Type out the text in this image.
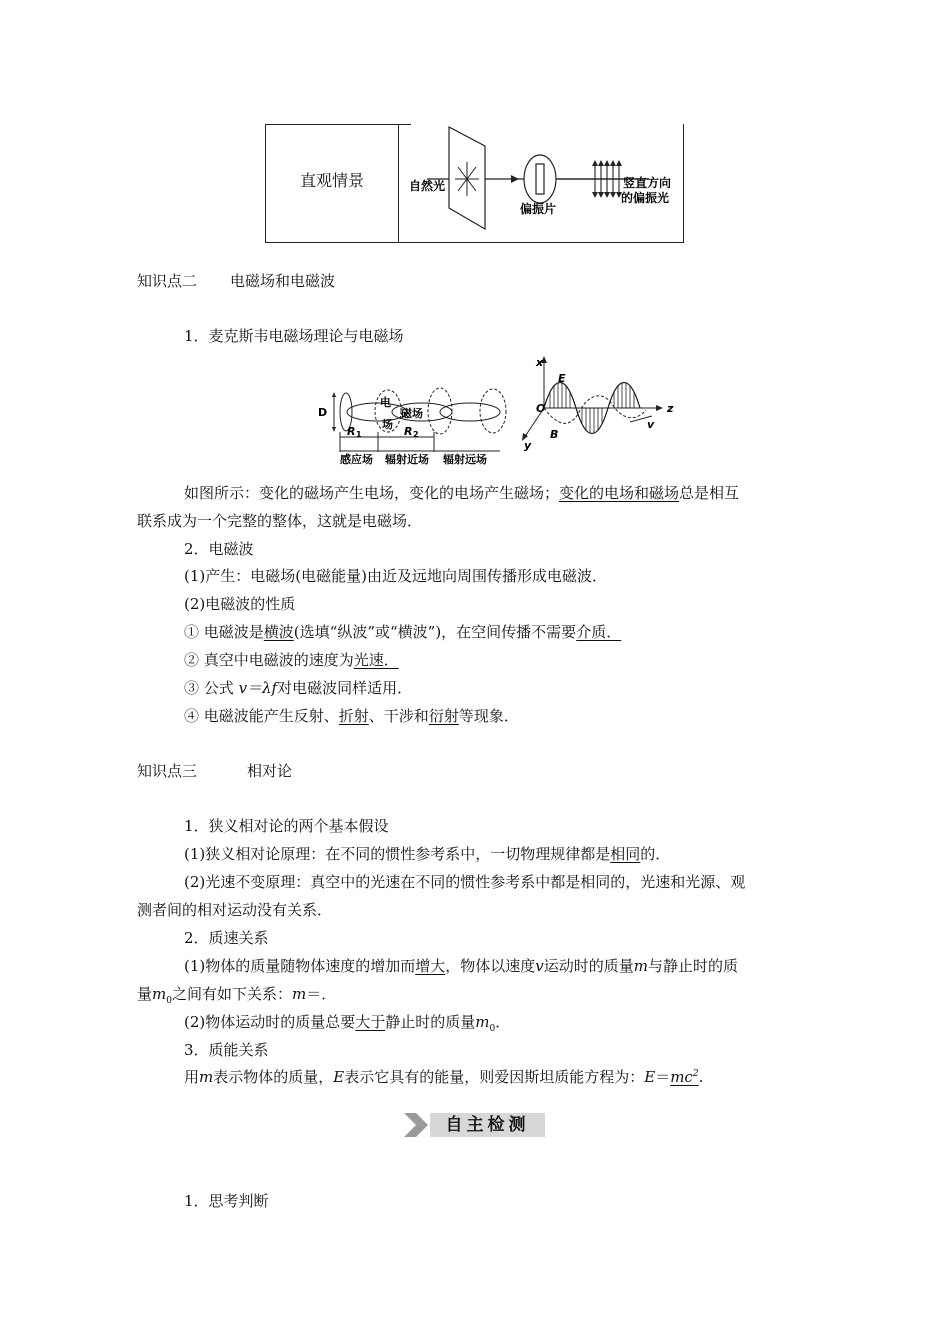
直观情景	自然光
偏振片
竖直方向
的偏振光
知识点二 电磁场和电磁波
1．麦克斯韦电磁场理论与电磁场
D
电
场
磁场
R 1	R 2
感应场 辐射近场 辐射远场
x
y
z
O
E
B
v
如图所示：变化的磁场产生电场，变化的电场产生磁场；变化的电场和磁场总是相互
联系成为一个完整的整体，这就是电磁场．
2．电磁波
(1)产生：电磁场(电磁能量)由近及远地向周围传播形成电磁波．
(2)电磁波的性质
① 电磁波是横波(选填“纵波”或“横波”)，在空间传播不需要介质．
② 真空中电磁波的速度为光速．
③ 公式 v＝λf对电磁波同样适用．
④ 电磁波能产生反射、折射、干涉和衍射等现象．
知识点三	相对论
1．狭义相对论的两个基本假设
(1)狭义相对论原理：在不同的惯性参考系中，一切物理规律都是相同的．
(2)光速不变原理：真空中的光速在不同的惯性参考系中都是相同的，光速和光源、观
测者间的相对运动没有关系．
2．质速关系
(1)物体的质量随物体速度的增加而增大，物体以速度v运动时的质量m与静止时的质
量$m_0$之间有如下关系：m＝．
(2)物体运动时的质量总要大于静止时的质量$m_0$．
3．质能关系
用m表示物体的质量，E表示它具有的能量，则爱因斯坦质能方程为：$E=mc^2$.
自主检测
1．思考判断
